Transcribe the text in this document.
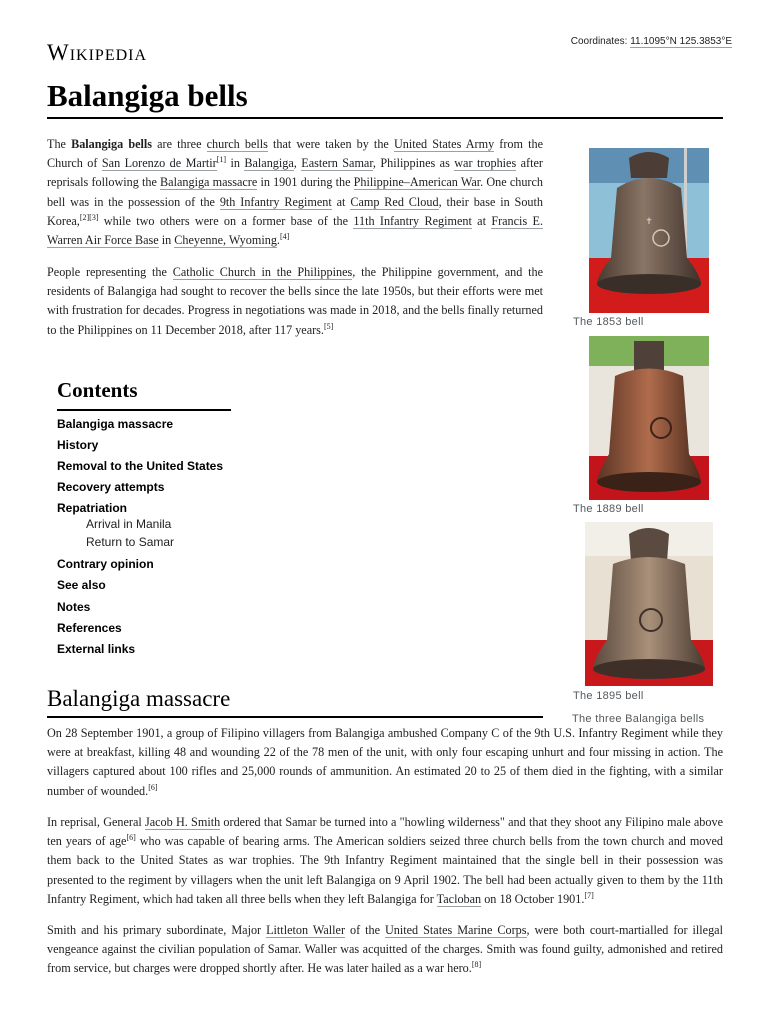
Wikipedia	Coordinates: 11.1095°N 125.3853°E
Balangiga bells

The Balangiga bells are three church bells that were taken by the United States Army from the Church of San Lorenzo de Martir[1] in Balangiga, Eastern Samar, Philippines as war trophies after reprisals following the Balangiga massacre in 1901 during the Philippine–American War. One church bell was in the possession of the 9th Infantry Regiment at Camp Red Cloud, their base in South Korea,[2][3] while two others were on a former base of the 11th Infantry Regiment at Francis E. Warren Air Force Base in Cheyenne, Wyoming.[4]

People representing the Catholic Church in the Philippines, the Philippine government, and the residents of Balangiga had sought to recover the bells since the late 1950s, but their efforts were met with frustration for decades. Progress in negotiations was made in 2018, and the bells finally returned to the Philippines on 11 December 2018, after 117 years.[5]

Contents
Balangiga massacre
History
Removal to the United States
Recovery attempts
Repatriation
Arrival in Manila
Return to Samar
Contrary opinion
See also
Notes
References
External links
✝
The 1853 bell
The 1889 bell
The 1895 bell
The three Balangiga bells
Balangiga massacre

On 28 September 1901, a group of Filipino villagers from Balangiga ambushed Company C of the 9th U.S. Infantry Regiment while they were at breakfast, killing 48 and wounding 22 of the 78 men of the unit, with only four escaping unhurt and four missing in action. The villagers captured about 100 rifles and 25,000 rounds of ammunition. An estimated 20 to 25 of them died in the fighting, with a similar number of wounded.[6]

In reprisal, General Jacob H. Smith ordered that Samar be turned into a "howling wilderness" and that they shoot any Filipino male above ten years of age[6] who was capable of bearing arms. The American soldiers seized three church bells from the town church and moved them back to the United States as war trophies. The 9th Infantry Regiment maintained that the single bell in their possession was presented to the regiment by villagers when the unit left Balangiga on 9 April 1902. The bell had been actually given to them by the 11th Infantry Regiment, which had taken all three bells when they left Balangiga for Tacloban on 18 October 1901.[7]

Smith and his primary subordinate, Major Littleton Waller of the United States Marine Corps, were both court-martialled for illegal vengeance against the civilian population of Samar. Waller was acquitted of the charges. Smith was found guilty, admonished and retired from service, but charges were dropped shortly after. He was later hailed as a war hero.[8]
